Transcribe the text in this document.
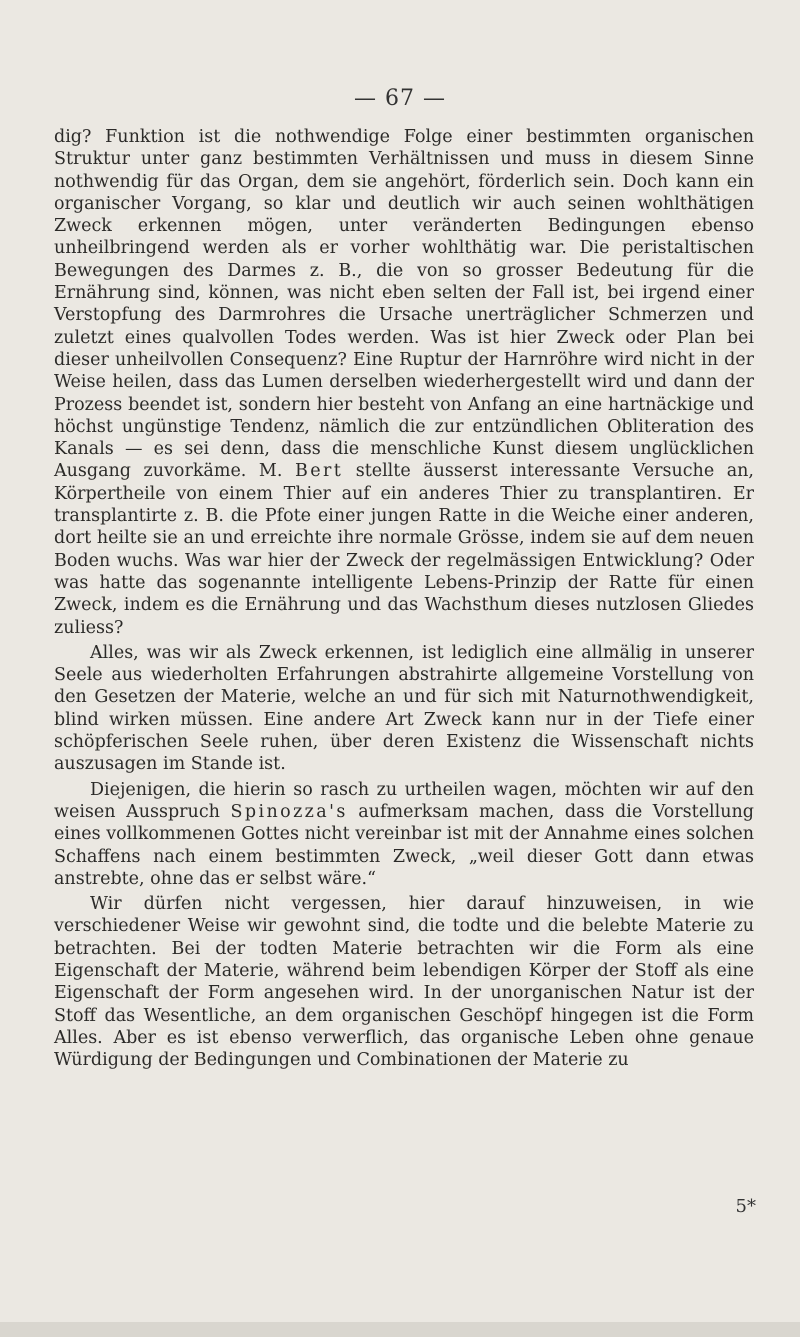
— 67 —

dig? Funktion ist die nothwendige Folge einer bestimmten organischen Struktur unter ganz bestimmten Verhältnissen und muss in diesem Sinne nothwendig für das Organ, dem sie angehört, förderlich sein. Doch kann ein organischer Vorgang, so klar und deutlich wir auch seinen wohlthätigen Zweck erkennen mögen, unter veränderten Bedingungen ebenso unheilbringend werden als er vorher wohlthätig war. Die peristaltischen Bewegungen des Darmes z. B., die von so grosser Bedeutung für die Ernährung sind, können, was nicht eben selten der Fall ist, bei irgend einer Verstopfung des Darmrohres die Ursache unerträglicher Schmerzen und zuletzt eines qualvollen Todes werden. Was ist hier Zweck oder Plan bei dieser unheilvollen Consequenz? Eine Ruptur der Harnröhre wird nicht in der Weise heilen, dass das Lumen derselben wiederhergestellt wird und dann der Prozess beendet ist, sondern hier besteht von Anfang an eine hartnäckige und höchst ungünstige Tendenz, nämlich die zur entzündlichen Obliteration des Kanals — es sei denn, dass die menschliche Kunst diesem unglücklichen Ausgang zuvorkäme. M. Bert stellte äusserst interessante Versuche an, Körpertheile von einem Thier auf ein anderes Thier zu transplantiren. Er transplantirte z. B. die Pfote einer jungen Ratte in die Weiche einer anderen, dort heilte sie an und erreichte ihre normale Grösse, indem sie auf dem neuen Boden wuchs. Was war hier der Zweck der regelmässigen Entwicklung? Oder was hatte das sogenannte intelligente Lebens-Prinzip der Ratte für einen Zweck, indem es die Ernährung und das Wachsthum dieses nutzlosen Gliedes zuliess?

Alles, was wir als Zweck erkennen, ist lediglich eine allmälig in unserer Seele aus wiederholten Erfahrungen abstrahirte allgemeine Vorstellung von den Gesetzen der Materie, welche an und für sich mit Naturnothwendigkeit, blind wirken müssen. Eine andere Art Zweck kann nur in der Tiefe einer schöpferischen Seele ruhen, über deren Existenz die Wissenschaft nichts auszusagen im Stande ist.

Diejenigen, die hierin so rasch zu urtheilen wagen, möchten wir auf den weisen Ausspruch Spinozza's aufmerksam machen, dass die Vorstellung eines vollkommenen Gottes nicht vereinbar ist mit der Annahme eines solchen Schaffens nach einem bestimmten Zweck, „weil dieser Gott dann etwas anstrebte, ohne das er selbst wäre.“

Wir dürfen nicht vergessen, hier darauf hinzuweisen, in wie verschiedener Weise wir gewohnt sind, die todte und die belebte Materie zu betrachten. Bei der todten Materie betrachten wir die Form als eine Eigenschaft der Materie, während beim lebendigen Körper der Stoff als eine Eigenschaft der Form angesehen wird. In der unorganischen Natur ist der Stoff das Wesentliche, an dem organischen Geschöpf hingegen ist die Form Alles. Aber es ist ebenso verwerflich, das organische Leben ohne genaue Würdigung der Bedingungen und Combinationen der Materie zu

5*
